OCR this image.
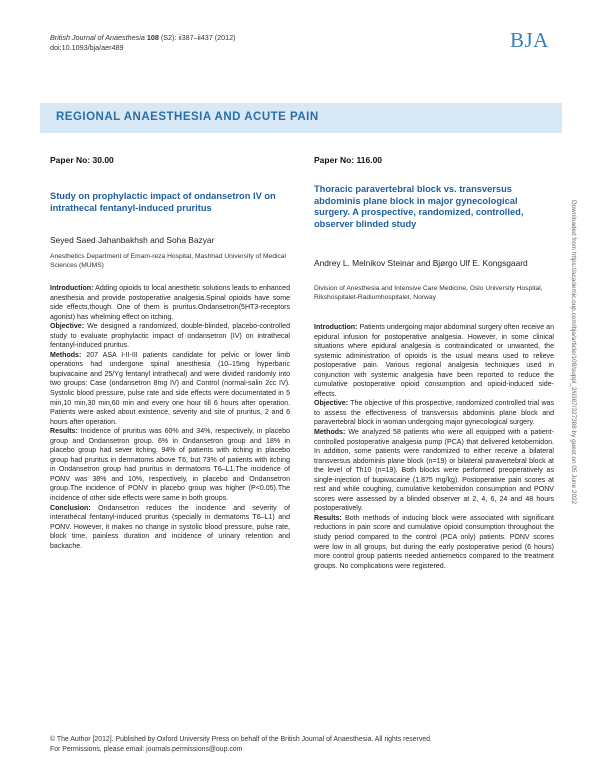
British Journal of Anaesthesia 108 (S2): ii387–ii437 (2012)
doi:10.1093/bja/aer489	BJA
REGIONAL ANAESTHESIA AND ACUTE PAIN
Paper No: 30.00
Study on prophylactic impact of ondansetron IV on intrathecal fentanyl-induced pruritus
Seyed Saed Jahanbakhsh and Soha Bazyar
Anesthetics Department of Emam-reza Hospital, Mashhad University of Medical Sciences (MUMS)

Introduction: Adding opioids to local anesthetic solutions leads to enhanced anesthesia and provide postoperative analgesia.Spinal opioids have some side effects,though. One of them is pruritus.Ondansetron(5HT3-receptors agonist) has whelming effect on itching.

Objective: We designed a randomized, double-blinded, placebo-controlled study to evaluate prophylactic impact of ondansetron (IV) on intrathecal fentanyl-induced pruritus.

Methods: 207 ASA I-II-III patients candidate for pelvic or lower limb operations had undergone spinal anesthesia (10–15mg hyperbaric bupivacaine and 25/Yg fentanyl intrathecal) and were divided randomly into two groups: Case (ondansetron 8mg IV) and Control (normal-salin 2cc IV). Systolic blood pressure, pulse rate and side effects were documentated in 5 min,10 min,30 min,60 min and every one hour till 6 hours after operation. Patients were asked about existence, severity and site of pruritus, 2 and 6 hours after operation.

Results: Incidence of pruritus was 60% and 34%, respectively, in placebo group and Ondansetron group. 6% in Ondansetron group and 18% in placebo group had sever itching. 94% of patients with itching in placebo group had pruritus in dermatoms above T6, but 73% of patients with itching in Ondansetron group had pruritus in dermatoms T6–L1.The incidence of PONV was 38% and 10%, respectively, in placebo and Ondansetron group.The incidence of PONV in placebo group was higher (P<0.05).The incidence of other side effects were same in both groups.

Conclusion: Ondansetron reduces the incidence and severity of interathecal fentanyl-induced pruritus (specially in dermatoms T6–L1) and PONV. However, it makes no change in systolic blood pressure, pulse rate, block time, painless duration and incidence of urinary retention and backache.

Paper No: 116.00
Thoracic paravertebral block vs. transversus abdominis plane block in major gynecological surgery. A prospective, randomized, controlled, observer blinded study
Andrey L. Melnikov Steinar and Bjørgo Ulf E. Kongsgaard
Division of Anesthesia and Intensive Care Medicine, Oslo University Hospital, Rikshospitalet-Radiumhospitalet, Norway

Introduction: Patients undergoing major abdominal surgery often receive an epidural infusion for postoperative analgesia. However, in some clinical situations where epidural analgesia is contraindicated or unwanted, the systemic administration of opioids is the usual means used to relieve postoperative pain. Various regional analgesia techniques used in conjunction with systemic analgesia have been reported to reduce the cumulative postoperative opioid consumption and opioid-induced side-effects.

Objective: The objective of this prospective, randomized controlled trial was to assess the effectiveness of transversus abdominis plane block and paravertebral block in woman undergoing major gynecological surgery.

Methods: We analyzed 58 patients who were all equipped with a patient-controlled postoperative analgesia pump (PCA) that delivered ketobemidon. In addition, some patients were randomized to either receive a bilateral transversus abdominis plane block (n=19) or bilateral paravertebral block at the level of Th10 (n=19). Both blocks were performed preoperatively as single-injection of bupivacaine (1.875 mg/kg). Postoperative pain scores at rest and while coughing, cumulative ketobemidon consumption and PONV scores were assessed by a blinded observer at 2, 4, 6, 24 and 48 hours postoperatively.

Results: Both methods of inducing block were associated with significant reductions in pain score and cumulative opioid consumption throughout the study period compared to the control (PCA only) patients. PONV scores were low in all groups, but during the early postoperative period (6 hours) more control group patients needed antiemetics compared to the treatment groups. No complications were registered.

Downloaded from https://academic.oup.com/bja/article/108/suppl_2/ii387/327388 by guest on 05 June 2022
© The Author [2012]. Published by Oxford University Press on behalf of the British Journal of Anaesthesia. All rights reserved.
For Permissions, please email: journals.permissions@oup.com
